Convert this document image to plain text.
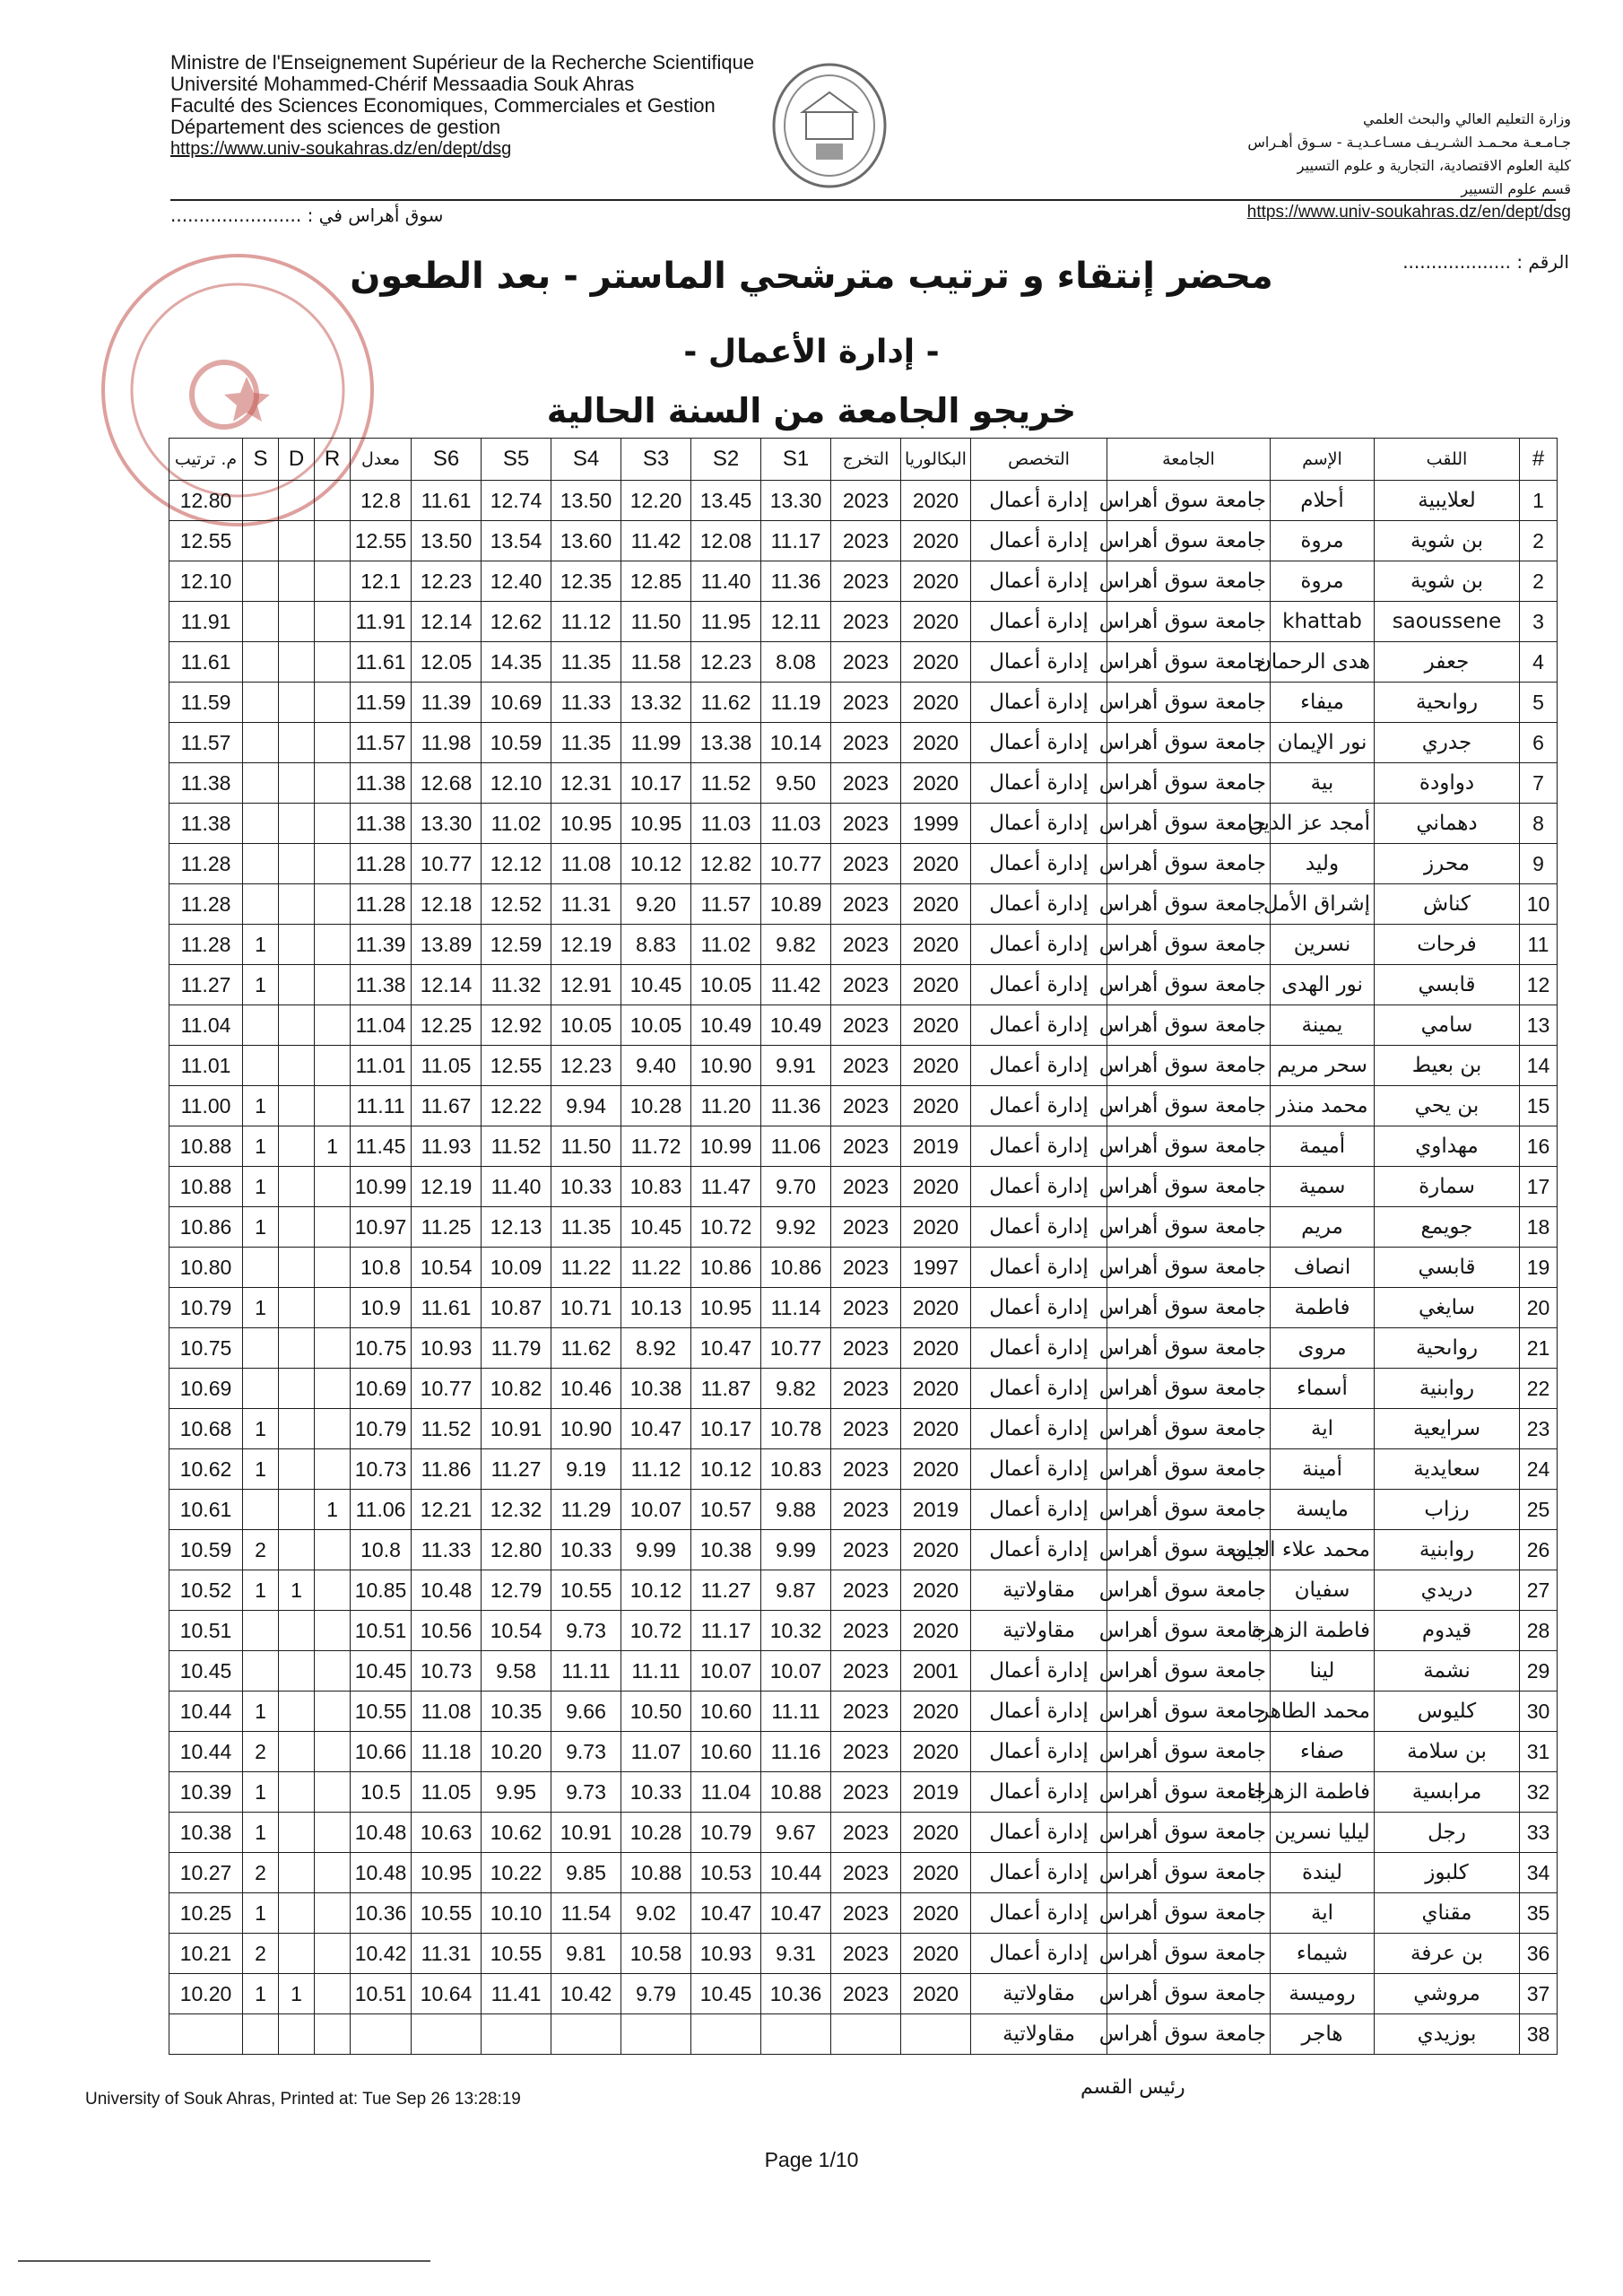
Ministre de l'Enseignement Supérieur de la Recherche Scientifique
Université Mohammed-Chérif Messaadia Souk Ahras
Faculté des Sciences Economiques, Commerciales et Gestion
Département des sciences de gestion
https://www.univ-soukahras.dz/en/dept/dsg
وزارة التعليم العالي والبحث العلمي
جـامـعـة محـمـد الشـريـف مسـاعـديـة - سـوق أهـراس
كلية العلوم الاقتصادية، التجارية و علوم التسيير
قسم علوم التسيير
https://www.univ-soukahras.dz/en/dept/dsg
سوق أهراس في : .......................
الرقم : ...................
محضر إنتقاء و ترتيب مترشحي الماستر - بعد الطعون
- إدارة الأعمال -
خريجو الجامعة من السنة الحالية
م. ترتيب	S	D	R	معدل	S6	S5	S4	S3	S2	S1	التخرج	البكالوريا	التخصص	الجامعة	الإسم	اللقب	#
12.80				12.8	11.61	12.74	13.50	12.20	13.45	13.30	2023	2020	إدارة أعمال	جامعة سوق أهراس	أحلام	لعلايبية	1
12.55				12.55	13.50	13.54	13.60	11.42	12.08	11.17	2023	2020	إدارة أعمال	جامعة سوق أهراس	مروة	بن شوية	2
12.10				12.1	12.23	12.40	12.35	12.85	11.40	11.36	2023	2020	إدارة أعمال	جامعة سوق أهراس	مروة	بن شوية	2
11.91				11.91	12.14	12.62	11.12	11.50	11.95	12.11	2023	2020	إدارة أعمال	جامعة سوق أهراس	khattab	saoussene	3
11.61				11.61	12.05	14.35	11.35	11.58	12.23	8.08	2023	2020	إدارة أعمال	جامعة سوق أهراس	هدى الرحمان	جعفر	4
11.59				11.59	11.39	10.69	11.33	13.32	11.62	11.19	2023	2020	إدارة أعمال	جامعة سوق أهراس	ميفاء	رواىحية	5
11.57				11.57	11.98	10.59	11.35	11.99	13.38	10.14	2023	2020	إدارة أعمال	جامعة سوق أهراس	نور الإيمان	جدري	6
11.38				11.38	12.68	12.10	12.31	10.17	11.52	9.50	2023	2020	إدارة أعمال	جامعة سوق أهراس	بية	دواودة	7
11.38				11.38	13.30	11.02	10.95	10.95	11.03	11.03	2023	1999	إدارة أعمال	جامعة سوق أهراس	أمجد عز الدين	دهماني	8
11.28				11.28	10.77	12.12	11.08	10.12	12.82	10.77	2023	2020	إدارة أعمال	جامعة سوق أهراس	وليد	محرز	9
11.28				11.28	12.18	12.52	11.31	9.20	11.57	10.89	2023	2020	إدارة أعمال	جامعة سوق أهراس	إشراق الأمل	كناش	10
11.28	1			11.39	13.89	12.59	12.19	8.83	11.02	9.82	2023	2020	إدارة أعمال	جامعة سوق أهراس	نسرين	فرحات	11
11.27	1			11.38	12.14	11.32	12.91	10.45	10.05	11.42	2023	2020	إدارة أعمال	جامعة سوق أهراس	نور الهدى	قابسي	12
11.04				11.04	12.25	12.92	10.05	10.05	10.49	10.49	2023	2020	إدارة أعمال	جامعة سوق أهراس	يمينة	سامي	13
11.01				11.01	11.05	12.55	12.23	9.40	10.90	9.91	2023	2020	إدارة أعمال	جامعة سوق أهراس	سحر مريم	بن بعيط	14
11.00	1			11.11	11.67	12.22	9.94	10.28	11.20	11.36	2023	2020	إدارة أعمال	جامعة سوق أهراس	محمد منذر	بن يحي	15
10.88	1		1	11.45	11.93	11.52	11.50	11.72	10.99	11.06	2023	2019	إدارة أعمال	جامعة سوق أهراس	أميمة	مهداوي	16
10.88	1			10.99	12.19	11.40	10.33	10.83	11.47	9.70	2023	2020	إدارة أعمال	جامعة سوق أهراس	سمية	سمارة	17
10.86	1			10.97	11.25	12.13	11.35	10.45	10.72	9.92	2023	2020	إدارة أعمال	جامعة سوق أهراس	مريم	جويمع	18
10.80				10.8	10.54	10.09	11.22	11.22	10.86	10.86	2023	1997	إدارة أعمال	جامعة سوق أهراس	انصاف	قابسي	19
10.79	1			10.9	11.61	10.87	10.71	10.13	10.95	11.14	2023	2020	إدارة أعمال	جامعة سوق أهراس	فاطمة	سايغي	20
10.75				10.75	10.93	11.79	11.62	8.92	10.47	10.77	2023	2020	إدارة أعمال	جامعة سوق أهراس	مروى	رواىحية	21
10.69				10.69	10.77	10.82	10.46	10.38	11.87	9.82	2023	2020	إدارة أعمال	جامعة سوق أهراس	أسماء	روابنية	22
10.68	1			10.79	11.52	10.91	10.90	10.47	10.17	10.78	2023	2020	إدارة أعمال	جامعة سوق أهراس	اية	سرايعية	23
10.62	1			10.73	11.86	11.27	9.19	11.12	10.12	10.83	2023	2020	إدارة أعمال	جامعة سوق أهراس	أمينة	سعايدية	24
10.61			1	11.06	12.21	12.32	11.29	10.07	10.57	9.88	2023	2019	إدارة أعمال	جامعة سوق أهراس	مايسة	رزاب	25
10.59	2			10.8	11.33	12.80	10.33	9.99	10.38	9.99	2023	2020	إدارة أعمال	جامعة سوق أهراس	محمد علاء الدين	روابنية	26
10.52	1	1		10.85	10.48	12.79	10.55	10.12	11.27	9.87	2023	2020	مقاولاتية	جامعة سوق أهراس	سفيان	دريدي	27
10.51				10.51	10.56	10.54	9.73	10.72	11.17	10.32	2023	2020	مقاولاتية	جامعة سوق أهراس	فاطمة الزهرة	قيدوم	28
10.45				10.45	10.73	9.58	11.11	11.11	10.07	10.07	2023	2001	إدارة أعمال	جامعة سوق أهراس	لينا	نشمة	29
10.44	1			10.55	11.08	10.35	9.66	10.50	10.60	11.11	2023	2020	إدارة أعمال	جامعة سوق أهراس	محمد الطاهر	كليوس	30
10.44	2			10.66	11.18	10.20	9.73	11.07	10.60	11.16	2023	2020	إدارة أعمال	جامعة سوق أهراس	صفاء	بن سلامة	31
10.39	1			10.5	11.05	9.95	9.73	10.33	11.04	10.88	2023	2019	إدارة أعمال	جامعة سوق أهراس	فاطمة الزهراء	مرابسية	32
10.38	1			10.48	10.63	10.62	10.91	10.28	10.79	9.67	2023	2020	إدارة أعمال	جامعة سوق أهراس	ليليا نسرين	رجل	33
10.27	2			10.48	10.95	10.22	9.85	10.88	10.53	10.44	2023	2020	إدارة أعمال	جامعة سوق أهراس	ليندة	كلبوز	34
10.25	1			10.36	10.55	10.10	11.54	9.02	10.47	10.47	2023	2020	إدارة أعمال	جامعة سوق أهراس	اية	مقناي	35
10.21	2			10.42	11.31	10.55	9.81	10.58	10.93	9.31	2023	2020	إدارة أعمال	جامعة سوق أهراس	شيماء	بن عرفة	36
10.20	1	1		10.51	10.64	11.41	10.42	9.79	10.45	10.36	2023	2020	مقاولاتية	جامعة سوق أهراس	روميسة	مروشي	37
													مقاولاتية	جامعة سوق أهراس	هاجر	بوزيدي	38
University of Souk Ahras, Printed at: Tue Sep 26 13:28:19
رئيس القسم
Page 1/10
